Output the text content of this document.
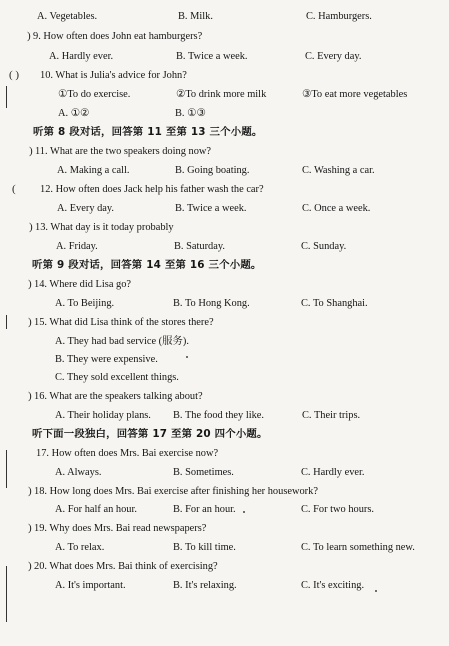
A. Vegetables.	B. Milk.	C. Hamburgers.
) 9. How often does John eat hamburgers?
A. Hardly ever.	B. Twice a week.	C. Every day.
( ) 10. What is Julia's advice for John?
①To do exercise.	②To drink more milk	③To eat more vegetables
A. ①②	B. ①③
听第 8 段对话，回答第 11 至第 13 三个小题。
) 11. What are the two speakers doing now?
A. Making a call.	B. Going boating.	C. Washing a car.
( 12. How often does Jack help his father wash the car?
A. Every day.	B. Twice a week.	C. Once a week.
) 13. What day is it today probably
A. Friday.	B. Saturday.	C. Sunday.
听第 9 段对话，回答第 14 至第 16 三个小题。
) 14. Where did Lisa go?
A. To Beijing.	B. To Hong Kong.	C. To Shanghai.
) 15. What did Lisa think of the stores there?
A. They had bad service (服务).
B. They were expensive.
C. They sold excellent things.
) 16. What are the speakers talking about?
A. Their holiday plans. B. The food they like.	C. Their trips.
听下面一段独白，回答第 17 至第 20 四个小题。
17. How often does Mrs. Bai exercise now?
A. Always.	B. Sometimes.	C. Hardly ever.
) 18. How long does Mrs. Bai exercise after finishing her housework?
A. For half an hour.	B. For an hour.	C. For two hours.
) 19. Why does Mrs. Bai read newspapers?
A. To relax.	B. To kill time.	C. To learn something new.
) 20. What does Mrs. Bai think of exercising?
A. It's important.	B. It's relaxing.	C. It's exciting.
